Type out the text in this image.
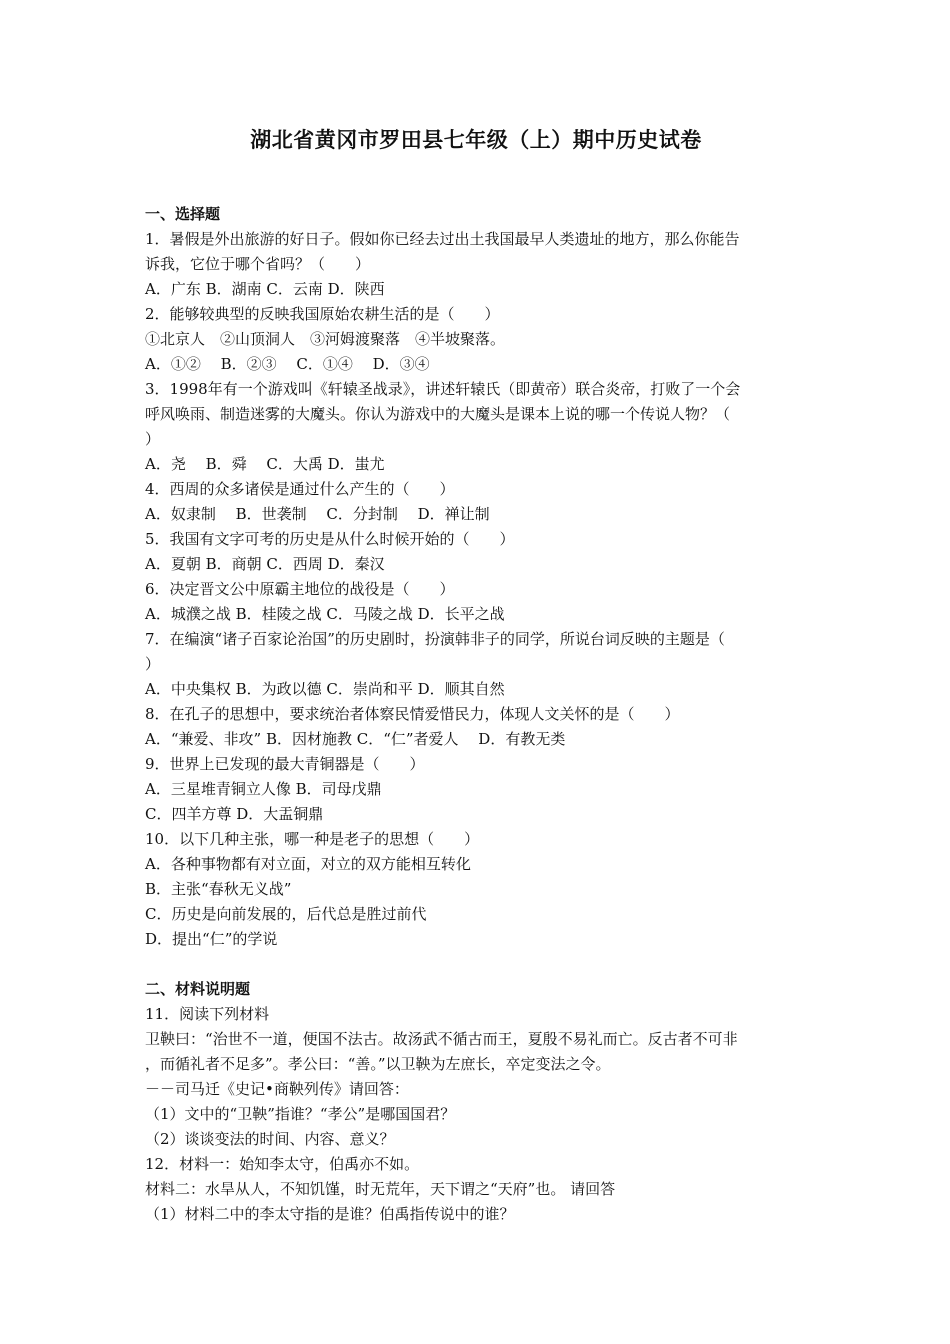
湖北省黄冈市罗田县七年级（上）期中历史试卷
一、选择题
1．暑假是外出旅游的好日子。假如你已经去过出土我国最早人类遗址的地方，那么你能告
诉我，它位于哪个省吗？（　　）
A．广东 B．湖南 C．云南 D．陕西
2．能够较典型的反映我国原始农耕生活的是（　　）
①北京人　②山顶洞人　③河姆渡聚落　④半坡聚落。
A．①②　 B．②③　 C．①④　 D．③④
3．1998年有一个游戏叫《轩辕圣战录》，讲述轩辕氏（即黄帝）联合炎帝，打败了一个会
呼风唤雨、制造迷雾的大魔头。你认为游戏中的大魔头是课本上说的哪一个传说人物？（
）
A．尧　 B．舜　 C．大禹 D．蚩尤
4．西周的众多诸侯是通过什么产生的（　　）
A．奴隶制　 B．世袭制　 C．分封制　 D．禅让制
5．我国有文字可考的历史是从什么时候开始的（　　）
A．夏朝 B．商朝 C．西周 D．秦汉
6．决定晋文公中原霸主地位的战役是（　　）
A．城濮之战 B．桂陵之战 C．马陵之战 D．长平之战
7．在编演“诸子百家论治国”的历史剧时，扮演韩非子的同学，所说台词反映的主题是（
）
A．中央集权 B．为政以德 C．崇尚和平 D．顺其自然
8．在孔子的思想中，要求统治者体察民情爱惜民力，体现人文关怀的是（　　）
A．“兼爱、非攻” B．因材施教 C．“仁”者爱人　 D．有教无类
9．世界上已发现的最大青铜器是（　　）
A．三星堆青铜立人像 B．司母戊鼎
C．四羊方尊 D．大盂铜鼎
10．以下几种主张，哪一种是老子的思想（　　）
A．各种事物都有对立面，对立的双方能相互转化
B．主张“春秋无义战”
C．历史是向前发展的，后代总是胜过前代
D．提出“仁”的学说
二、材料说明题
11．阅读下列材料
卫鞅曰：“治世不一道，便国不法古。故汤武不循古而王，夏殷不易礼而亡。反古者不可非
，而循礼者不足多”。孝公曰：“善。”以卫鞅为左庶长，卒定变法之令。
－－司马迁《史记•商鞅列传》请回答：
（1）文中的“卫鞅”指谁？“孝公”是哪国国君？
（2）谈谈变法的时间、内容、意义？
12．材料一：始知李太守，伯禹亦不如。
材料二：水旱从人，不知饥馑，时无荒年，天下谓之“天府”也。 请回答
（1）材料二中的李太守指的是谁？伯禹指传说中的谁？
